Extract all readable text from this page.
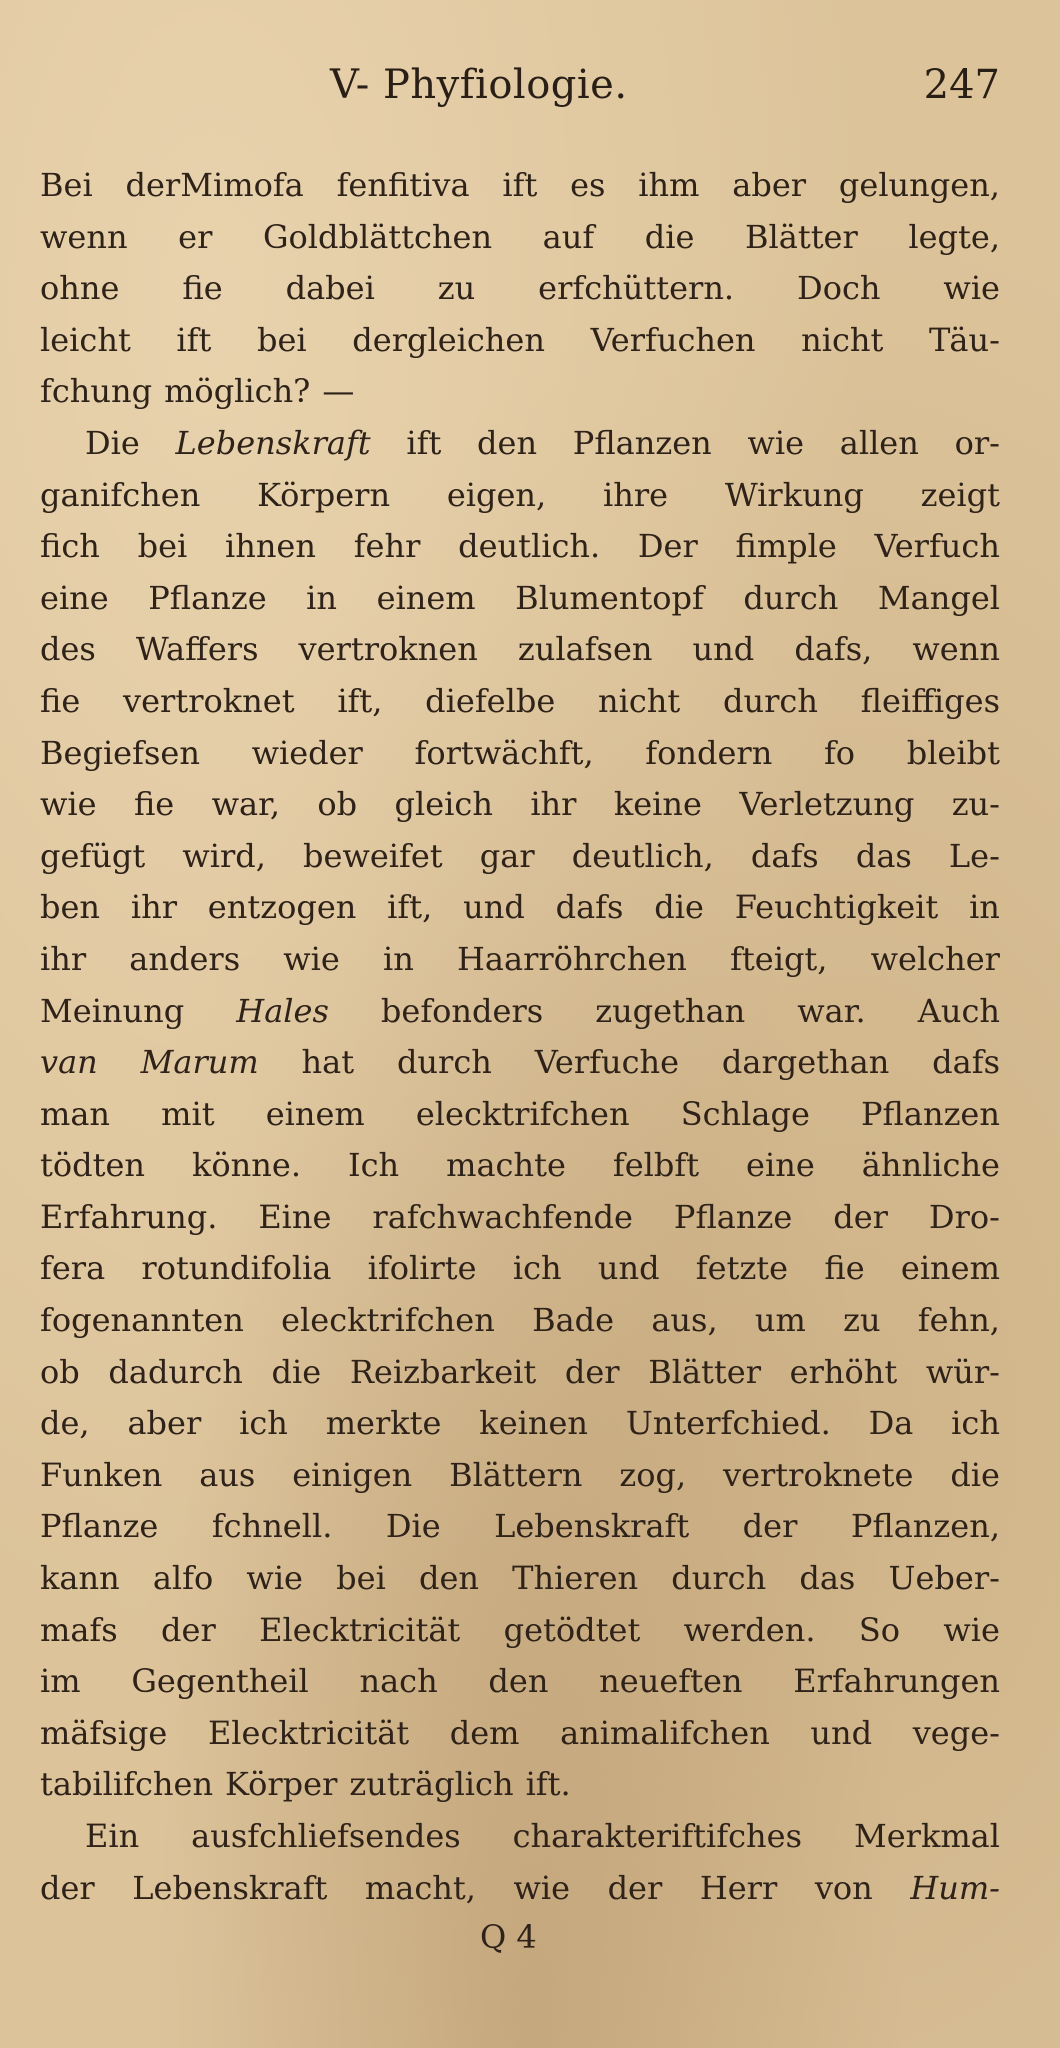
V- Phyfiologie.	247
Bei derMimofa fenfitiva ift es ihm aber gelungen,
wenn er Goldblättchen auf die Blätter legte,
ohne fie dabei zu erfchüttern. Doch wie
leicht ift bei dergleichen Verfuchen nicht Täu-
fchung möglich? —
Die Lebenskraft ift den Pflanzen wie allen or-
ganifchen Körpern eigen, ihre Wirkung zeigt
fich bei ihnen fehr deutlich. Der fimple Verfuch
eine Pflanze in einem Blumentopf durch Mangel
des Waffers vertroknen zulafsen und dafs, wenn
fie vertroknet ift, diefelbe nicht durch fleiffiges
Begiefsen wieder fortwächft, fondern fo bleibt
wie fie war, ob gleich ihr keine Verletzung zu-
gefügt wird, beweifet gar deutlich, dafs das Le-
ben ihr entzogen ift, und dafs die Feuchtigkeit in
ihr anders wie in Haarröhrchen fteigt, welcher
Meinung Hales befonders zugethan war. Auch
van Marum hat durch Verfuche dargethan dafs
man mit einem elecktrifchen Schlage Pflanzen
tödten könne. Ich machte felbft eine ähnliche
Erfahrung. Eine rafchwachfende Pflanze der Dro-
fera rotundifolia ifolirte ich und fetzte fie einem
fogenannten elecktrifchen Bade aus, um zu fehn,
ob dadurch die Reizbarkeit der Blätter erhöht wür-
de, aber ich merkte keinen Unterfchied. Da ich
Funken aus einigen Blättern zog, vertroknete die
Pflanze fchnell. Die Lebenskraft der Pflanzen,
kann alfo wie bei den Thieren durch das Ueber-
mafs der Elecktricität getödtet werden. So wie
im Gegentheil nach den neueften Erfahrungen
mäfsige Elecktricität dem animalifchen und vege-
tabilifchen Körper zuträglich ift.
Ein ausfchliefsendes charakteriftifches Merkmal
der Lebenskraft macht, wie der Herr von Hum-
Q 4
